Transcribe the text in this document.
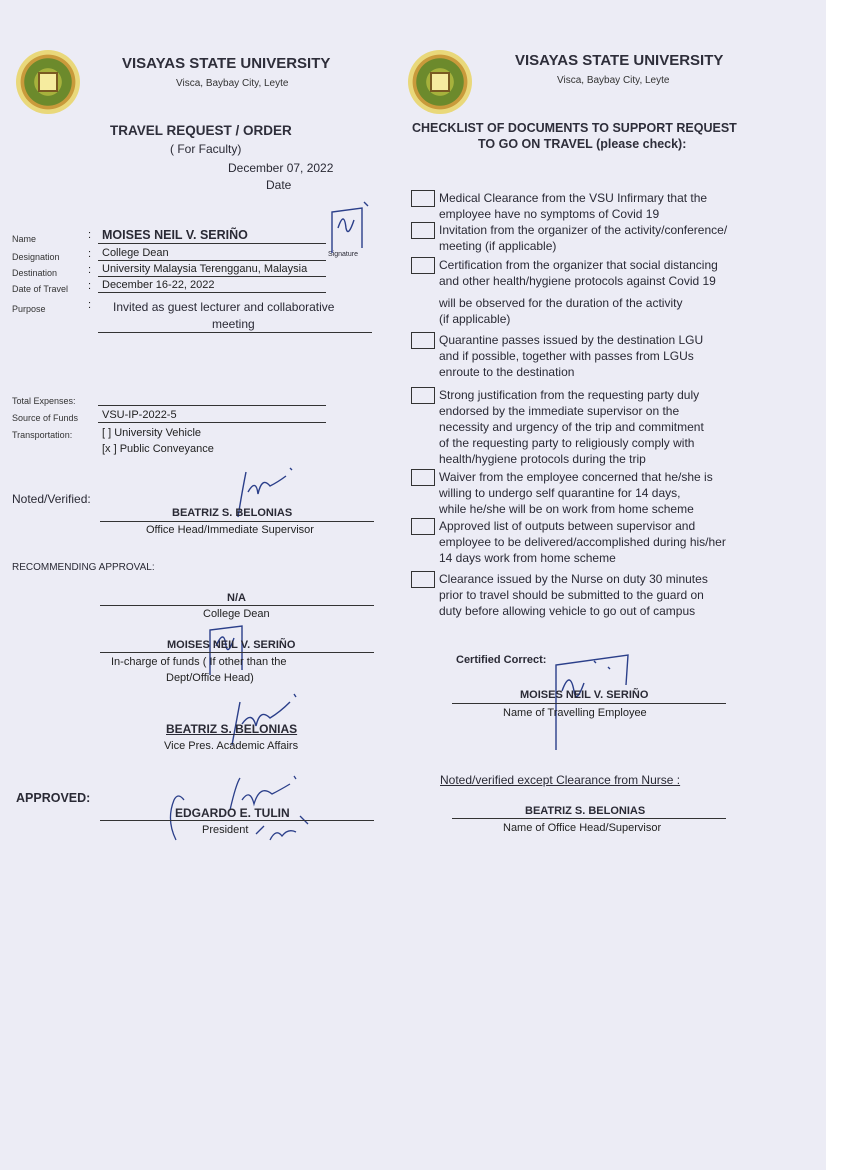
VISAYAS STATE UNIVERSITY
Visca, Baybay City, Leyte
VISAYAS STATE UNIVERSITY
Visca, Baybay City, Leyte
TRAVEL REQUEST / ORDER
( For Faculty)
December 07, 2022
Date
Name	: MOISES NEIL V. SERIÑO
Signature
Designation	: College Dean
Destination	: University Malaysia Terengganu, Malaysia
Date of Travel : December 16-22, 2022
Purpose	: Invited as guest lecturer and collaborative
meeting
Total Expenses:
Source of Funds VSU-IP-2022-5
Transportation:	[ ] University Vehicle
[x ] Public Conveyance
Noted/Verified:
BEATRIZ S. BELONIAS
Office Head/Immediate Supervisor
RECOMMENDING APPROVAL:
N/A
College Dean
MOISES NEIL V. SERIÑO
In-charge of funds ( If other than the
Dept/Office Head)
BEATRIZ S. BELONIAS
Vice Pres. Academic Affairs
APPROVED:
EDGARDO E. TULIN
President
CHECKLIST OF DOCUMENTS TO SUPPORT REQUEST
TO GO ON TRAVEL (please check):
Medical Clearance from the VSU Infirmary that the
employee have no symptoms of Covid 19
Invitation from the organizer of the activity/conference/
meeting (if applicable)
Certification from the organizer that social distancing
and other health/hygiene protocols against Covid 19
will be observed for the duration of the activity
(if applicable)
Quarantine passes issued by the destination LGU
and if possible, together with passes from LGUs
enroute to the destination
Strong justification from the requesting party duly
endorsed by the immediate supervisor on the
necessity and urgency of the trip and commitment
of the requesting party to religiously comply with
health/hygiene protocols during the trip
Waiver from the employee concerned that he/she is
willing to undergo self quarantine for 14 days,
while he/she will be on work from home scheme
Approved list of outputs between supervisor and
employee to be delivered/accomplished during his/her
14 days work from home scheme
Clearance issued by the Nurse on duty 30 minutes
prior to travel should be submitted to the guard on
duty before allowing vehicle to go out of campus
Certified Correct:
MOISES NEIL V. SERIÑO
Name of Travelling Employee
Noted/verified except Clearance from Nurse :
BEATRIZ S. BELONIAS
Name of Office Head/Supervisor
